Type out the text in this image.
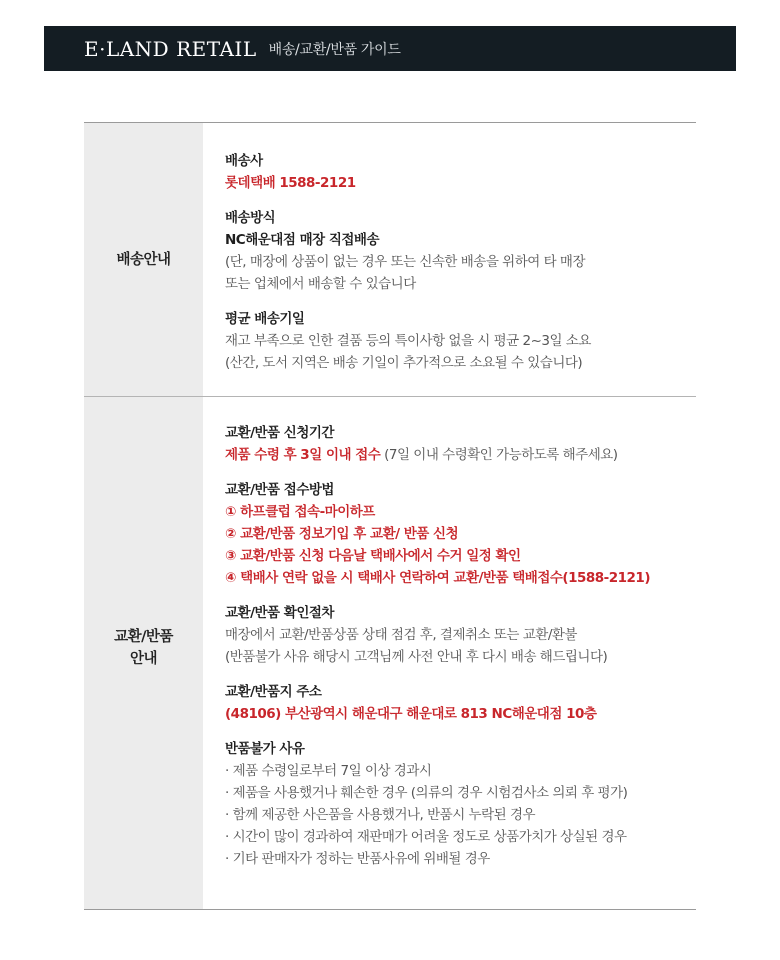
E·LAND RETAIL 배송/교환/반품 가이드
배송안내
배송사
롯데택배 1588-2121
배송방식
NC해운대점 매장 직접배송
(단, 매장에 상품이 없는 경우 또는 신속한 배송을 위하여 타 매장
또는 업체에서 배송할 수 있습니다
평균 배송기일
재고 부족으로 인한 결품 등의 특이사항 없을 시 평균 2~3일 소요
(산간, 도서 지역은 배송 기일이 추가적으로 소요될 수 있습니다)
교환/반품
안내
교환/반품 신청기간
제품 수령 후 3일 이내 접수 (7일 이내 수령확인 가능하도록 해주세요)
교환/반품 접수방법
① 하프클럽 접속-마이하프
② 교환/반품 정보기입 후 교환/ 반품 신청
③ 교환/반품 신청 다음날 택배사에서 수거 일정 확인
④ 택배사 연락 없을 시 택배사 연락하여 교환/반품 택배접수(1588-2121)
교환/반품 확인절차
매장에서 교환/반품상품 상태 점검 후, 결제취소 또는 교환/환불
(반품불가 사유 해당시 고객님께 사전 안내 후 다시 배송 해드립니다)
교환/반품지 주소
(48106) 부산광역시 해운대구 해운대로 813 NC해운대점 10층
반품불가 사유
· 제품 수령일로부터 7일 이상 경과시
· 제품을 사용했거나 훼손한 경우 (의류의 경우 시험검사소 의뢰 후 평가)
· 함께 제공한 사은품을 사용했거나, 반품시 누락된 경우
· 시간이 많이 경과하여 재판매가 어려울 정도로 상품가치가 상실된 경우
· 기타 판매자가 정하는 반품사유에 위배될 경우
